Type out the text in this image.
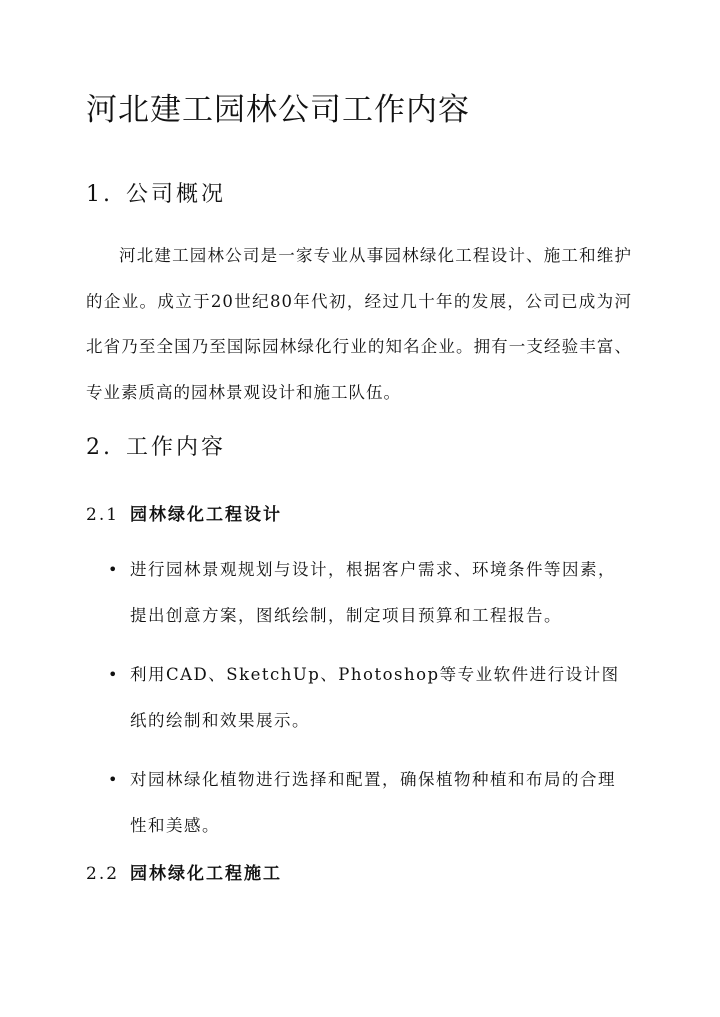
河北建工园林公司工作内容
1. 公司概况

河北建工园林公司是一家专业从事园林绿化工程设计、施工和维护的企业。成立于20世纪80年代初，经过几十年的发展，公司已成为河北省乃至全国乃至国际园林绿化行业的知名企业。拥有一支经验丰富、专业素质高的园林景观设计和施工队伍。

2. 工作内容
2.1 园林绿化工程设计
• 进行园林景观规划与设计，根据客户需求、环境条件等因素，提出创意方案，图纸绘制，制定项目预算和工程报告。
• 利用CAD、SketchUp、Photoshop等专业软件进行设计图纸的绘制和效果展示。
• 对园林绿化植物进行选择和配置，确保植物种植和布局的合理性和美感。
2.2 园林绿化工程施工
